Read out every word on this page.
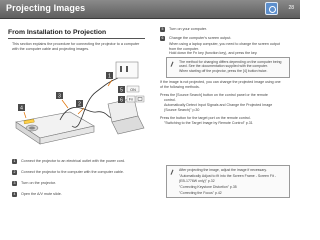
Projecting Images	28
From Installation to Projection
This section explains the procedure for connecting the projector to a computer with the computer cable and projecting images.
1
2
3
4
5 ON
6 Fn
1	Connect the projector to an electrical outlet with the power cord.
2	Connect the projector to the computer with the computer cable.
3	Turn on the projector.
4	Open the A/V mute slide.
5	Turn on your computer.
6	Change the computer's screen output.
When using a laptop computer, you need to change the screen output from the computer.
Hold down the Fn key (function key), and press the key.
The method for changing differs depending on the computer being used. See the documentation supplied with the computer.
When starting off the projector, press the [4] button twice.
If the image is not projected, you can change the projected image using one
of the following methods.
Press the [Source Search] button on the control panel or the remote
control.
Automatically Detect Input Signals and Change the Projected Image
(Source Search)" p.30
Press the button for the target port on the remote control.
"Switching to the Target Image by Remote Control" p.31
After projecting the image, adjust the image if necessary.
"Automatically Adjust to fit into the Screen Frame - Screen Fit -
(EB-1776W only)" p.32
"Correcting Keystone Distortion" p.35
"Correcting the Focus" p.42
